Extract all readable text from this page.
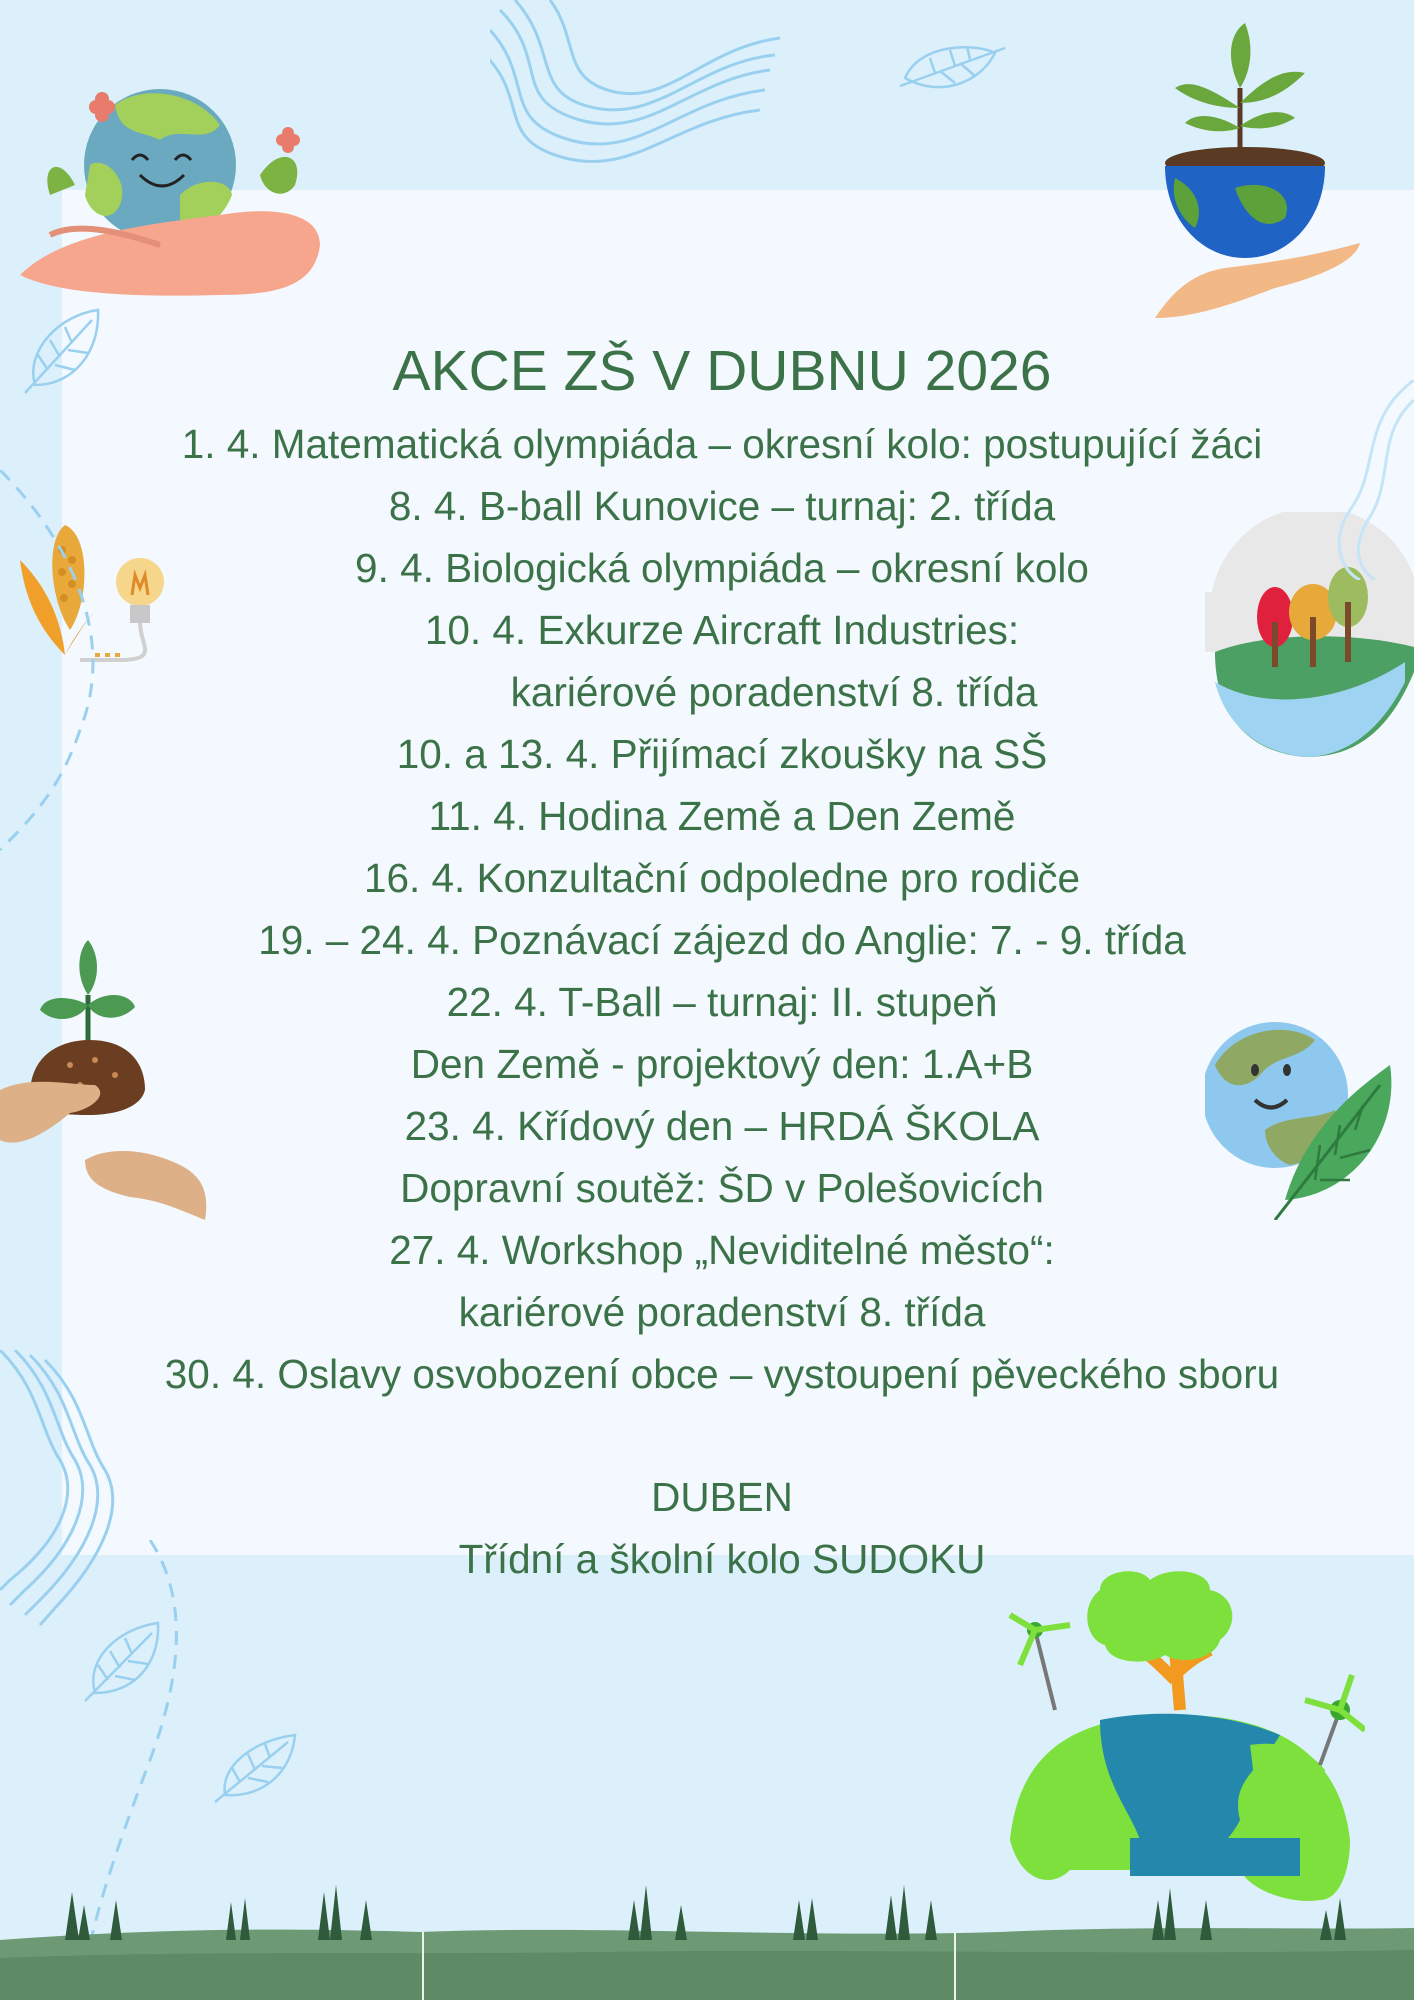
AKCE ZŠ V DUBNU 2026
1. 4. Matematická olympiáda – okresní kolo: postupující žáci
8. 4. B-ball Kunovice – turnaj: 2. třída
9. 4. Biologická olympiáda – okresní kolo
10. 4. Exkurze Aircraft Industries:
kariérové poradenství 8. třída
10. a 13. 4. Přijímací zkoušky na SŠ
11. 4. Hodina Země a Den Země
16. 4. Konzultační odpoledne pro rodiče
19. – 24. 4. Poznávací zájezd do Anglie: 7. - 9. třída
22. 4. T-Ball – turnaj: II. stupeň
Den Země - projektový den: 1.A+B
23. 4. Křídový den – HRDÁ ŠKOLA
Dopravní soutěž: ŠD v Polešovicích
27. 4. Workshop „Neviditelné město“:
kariérové poradenství 8. třída
30. 4. Oslavy osvobození obce – vystoupení pěveckého sboru
DUBEN
Třídní a školní kolo SUDOKU
